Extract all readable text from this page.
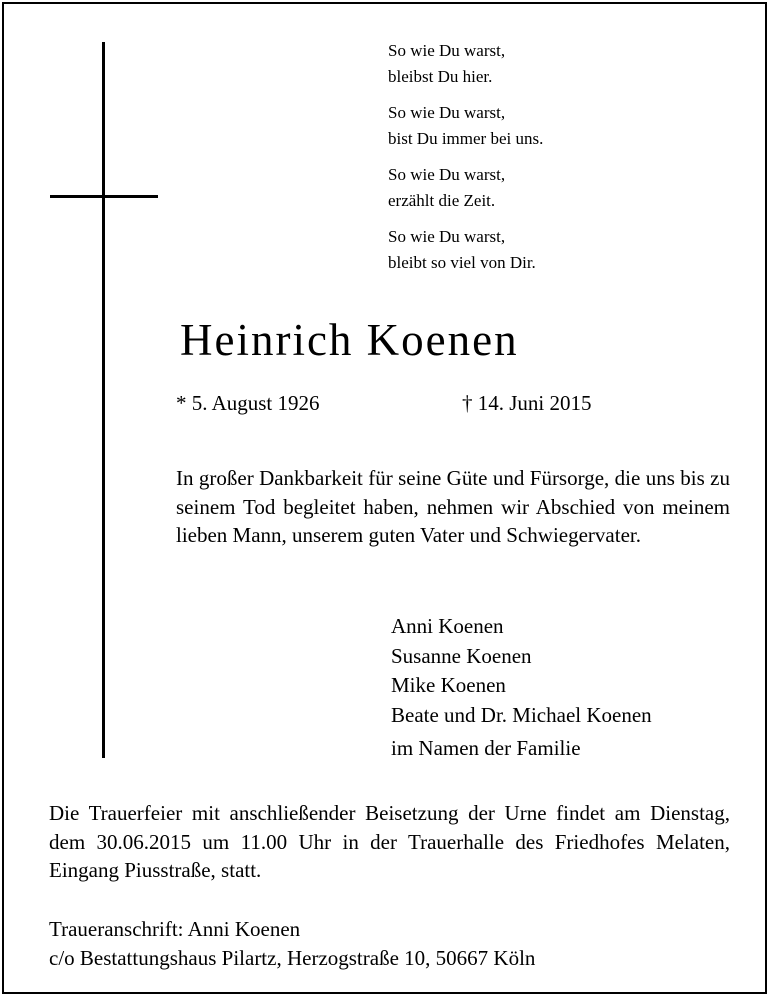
So wie Du warst,
bleibst Du hier.
So wie Du warst,
bist Du immer bei uns.
So wie Du warst,
erzählt die Zeit.
So wie Du warst,
bleibt so viel von Dir.
Heinrich Koenen
* 5. August 1926	† 14. Juni 2015
In großer Dankbarkeit für seine Güte und Fürsorge, die uns bis zu seinem Tod begleitet haben, nehmen wir Abschied von meinem lieben Mann, unserem guten Vater und Schwiegervater.
Anni Koenen
Susanne Koenen
Mike Koenen
Beate und Dr. Michael Koenen
im Namen der Familie
Die Trauerfeier mit anschließender Beisetzung der Urne findet am Dienstag, dem 30.06.2015 um 11.00 Uhr in der Trauerhalle des Friedhofes Melaten, Eingang Piusstraße, statt.
Traueranschrift: Anni Koenen
c/o Bestattungshaus Pilartz, Herzogstraße 10, 50667 Köln
